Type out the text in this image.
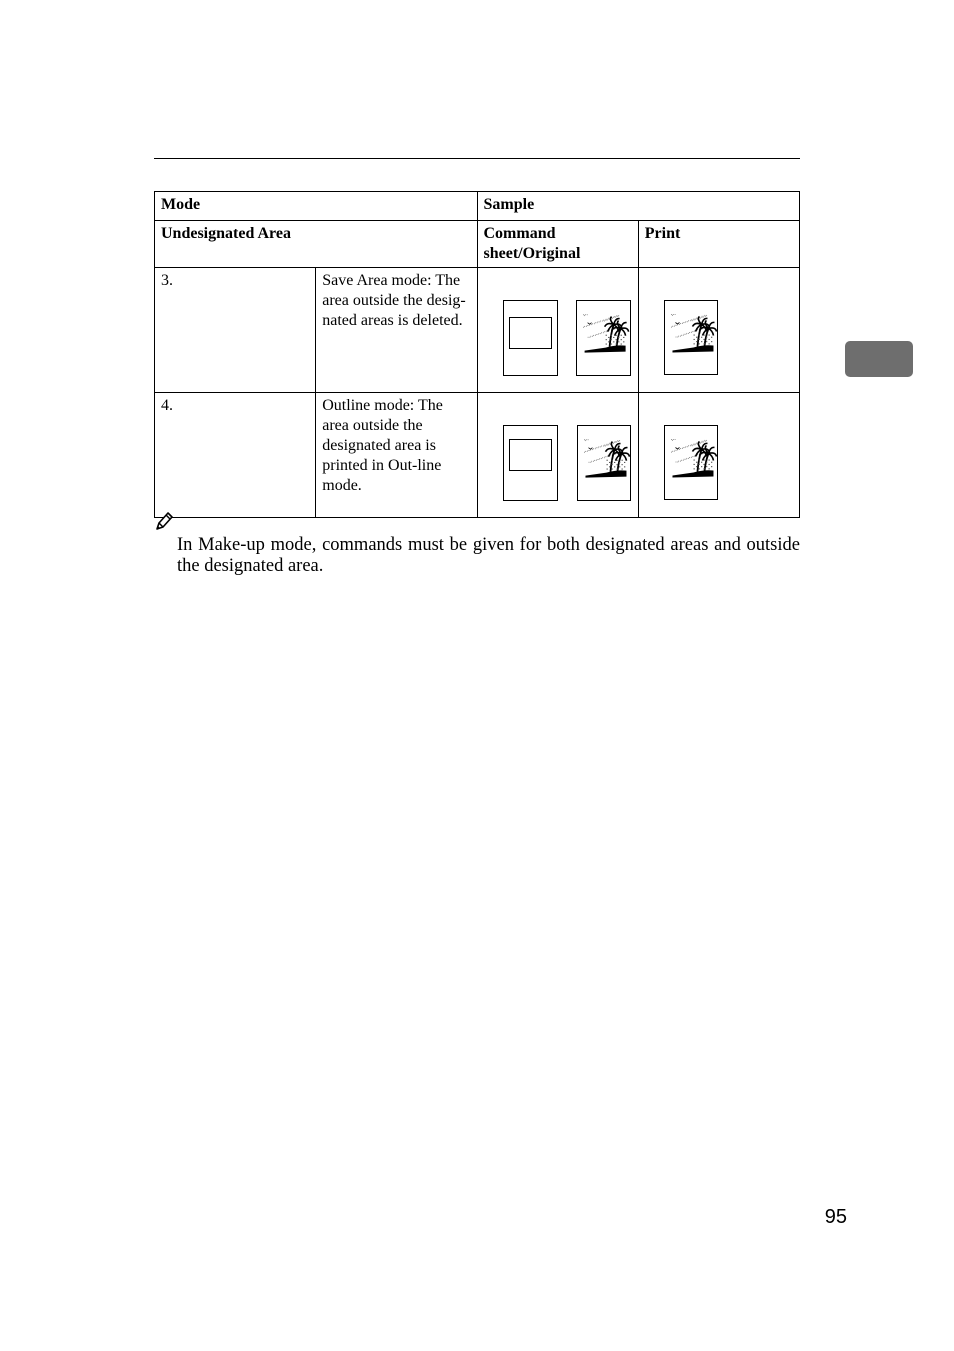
Mode		Sample	
Undesignated Area		Command sheet/Original	Print
3.	Save Area mode: The area outside the desig-nated areas is deleted.	

4.	Outline mode: The area outside the designated area is printed in Out-line mode.	

In Make-up mode, commands must be given for both designated areas and outside the designated area.
95
